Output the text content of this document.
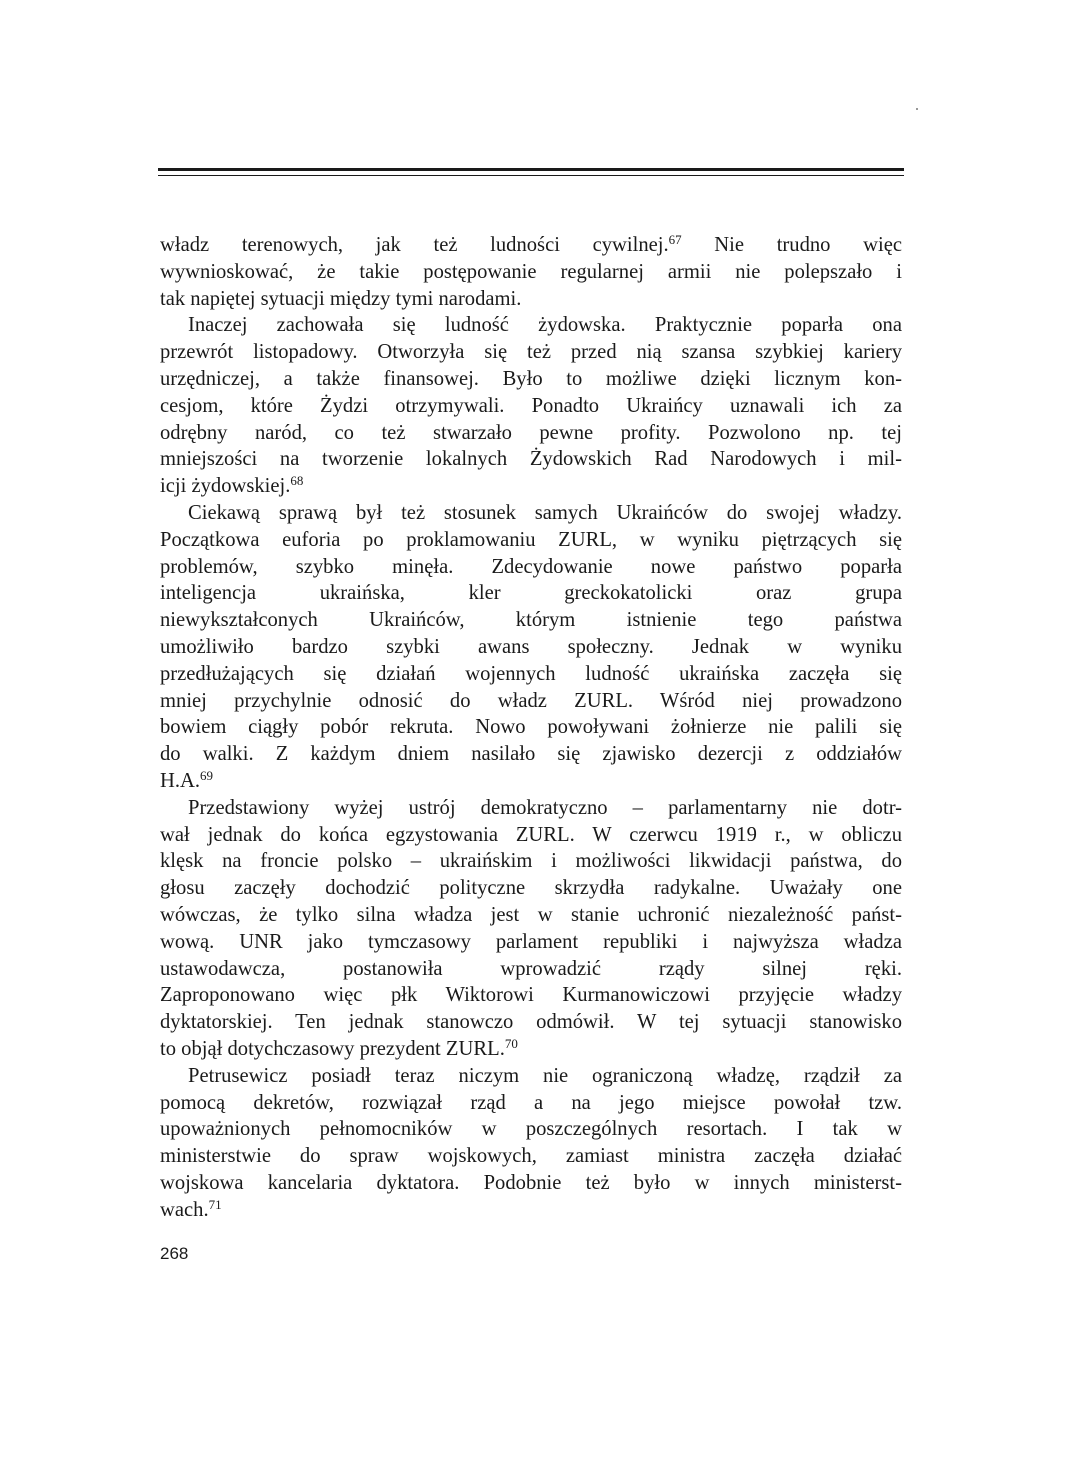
władz terenowych, jak też ludności cywilnej.$^{67}$ Nie trudno więc
wywnioskować, że takie postępowanie regularnej armii nie polepszało i
tak napiętej sytuacji między tymi narodami.
Inaczej zachowała się ludność żydowska. Praktycznie poparła ona
przewrót listopadowy. Otworzyła się też przed nią szansa szybkiej kariery
urzędniczej, a także finansowej. Było to możliwe dzięki licznym kon-
cesjom, które Żydzi otrzymywali. Ponadto Ukraińcy uznawali ich za
odrębny naród, co też stwarzało pewne profity. Pozwolono np. tej
mniejszości na tworzenie lokalnych Żydowskich Rad Narodowych i mil-
icji żydowskiej.$^{68}$
Ciekawą sprawą był też stosunek samych Ukraińców do swojej władzy.
Początkowa euforia po proklamowaniu ZURL, w wyniku piętrzących się
problemów, szybko minęła. Zdecydowanie nowe państwo poparła
inteligencja ukraińska, kler greckokatolicki oraz grupa
niewykształconych Ukraińców, którym istnienie tego państwa
umożliwiło bardzo szybki awans społeczny. Jednak w wyniku
przedłużających się działań wojennych ludność ukraińska zaczęła się
mniej przychylnie odnosić do władz ZURL. Wśród niej prowadzono
bowiem ciągły pobór rekruta. Nowo powoływani żołnierze nie palili się
do walki. Z każdym dniem nasilało się zjawisko dezercji z oddziałów
H.A.$^{69}$
Przedstawiony wyżej ustrój demokratyczno – parlamentarny nie dotr-
wał jednak do końca egzystowania ZURL. W czerwcu 1919 r., w obliczu
klęsk na froncie polsko – ukraińskim i możliwości likwidacji państwa, do
głosu zaczęły dochodzić polityczne skrzydła radykalne. Uważały one
wówczas, że tylko silna władza jest w stanie uchronić niezależność państ-
wową. UNR jako tymczasowy parlament republiki i najwyższa władza
ustawodawcza, postanowiła wprowadzić rządy silnej ręki.
Zaproponowano więc płk Wiktorowi Kurmanowiczowi przyjęcie władzy
dyktatorskiej. Ten jednak stanowczo odmówił. W tej sytuacji stanowisko
to objął dotychczasowy prezydent ZURL.$^{70}$
Petrusewicz posiadł teraz niczym nie ograniczoną władzę, rządził za
pomocą dekretów, rozwiązał rząd a na jego miejsce powołał tzw.
upoważnionych pełnomocników w poszczególnych resortach. I tak w
ministerstwie do spraw wojskowych, zamiast ministra zaczęła działać
wojskowa kancelaria dyktatora. Podobnie też było w innych ministerst-
wach.$^{71}$
268
